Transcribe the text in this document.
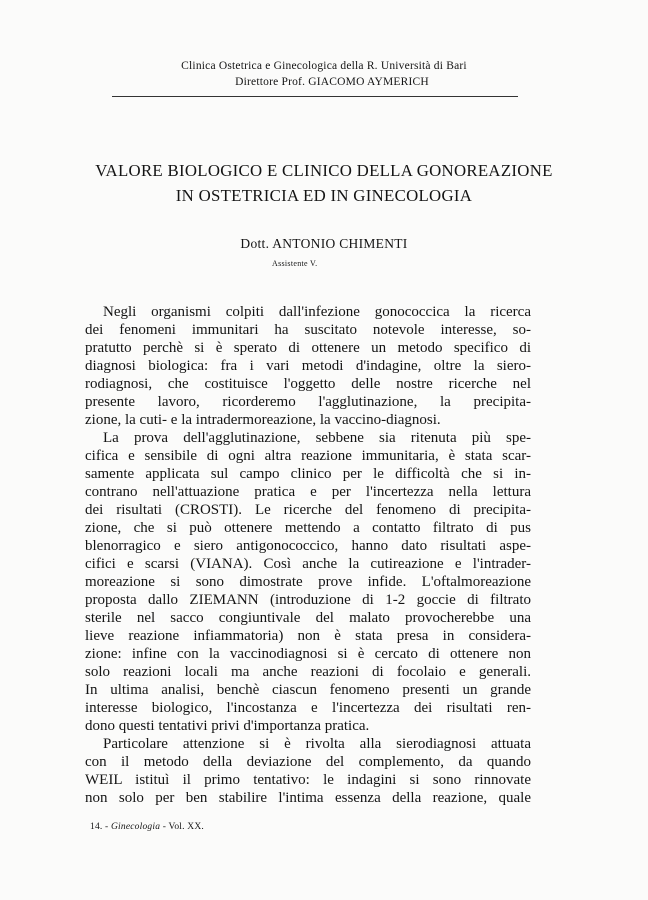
Clinica Ostetrica e Ginecologica della R. Università di Bari
Direttore Prof. GIACOMO AYMERICH
VALORE BIOLOGICO E CLINICO DELLA GONOREAZIONE
IN OSTETRICIA ED IN GINECOLOGIA
Dott. ANTONIO CHIMENTI
Assistente V.
Negli organismi colpiti dall'infezione gonococcica la ricerca
dei fenomeni immunitari ha suscitato notevole interesse, so-
pratutto perchè si è sperato di ottenere un metodo specifico di
diagnosi biologica: fra i vari metodi d'indagine, oltre la siero-
rodiagnosi, che costituisce l'oggetto delle nostre ricerche nel
presente lavoro, ricorderemo l'agglutinazione, la precipita-
zione, la cuti- e la intradermoreazione, la vaccino-diagnosi.
La prova dell'agglutinazione, sebbene sia ritenuta più spe-
cifica e sensibile di ogni altra reazione immunitaria, è stata scar-
samente applicata sul campo clinico per le difficoltà che si in-
contrano nell'attuazione pratica e per l'incertezza nella lettura
dei risultati (CROSTI). Le ricerche del fenomeno di precipita-
zione, che si può ottenere mettendo a contatto filtrato di pus
blenorragico e siero antigonococcico, hanno dato risultati aspe-
cifici e scarsi (VIANA). Così anche la cutireazione e l'intrader-
moreazione si sono dimostrate prove infide. L'oftalmoreazione
proposta dallo ZIEMANN (introduzione di 1-2 goccie di filtrato
sterile nel sacco congiuntivale del malato provocherebbe una
lieve reazione infiammatoria) non è stata presa in considera-
zione: infine con la vaccinodiagnosi si è cercato di ottenere non
solo reazioni locali ma anche reazioni di focolaio e generali.
In ultima analisi, benchè ciascun fenomeno presenti un grande
interesse biologico, l'incostanza e l'incertezza dei risultati ren-
dono questi tentativi privi d'importanza pratica.
Particolare attenzione si è rivolta alla sierodiagnosi attuata
con il metodo della deviazione del complemento, da quando
WEIL istituì il primo tentativo: le indagini si sono rinnovate
non solo per ben stabilire l'intima essenza della reazione, quale
14. - Ginecologia - Vol. XX.
